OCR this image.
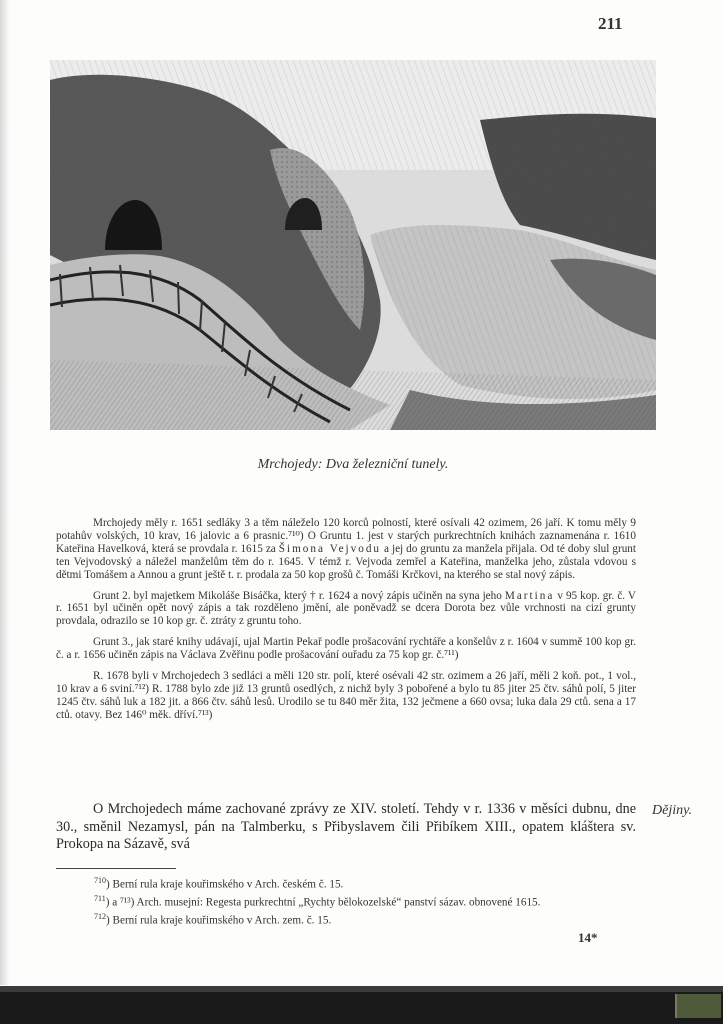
211
Mrchojedy: Dva železniční tunely.

Mrchojedy měly r. 1651 sedláky 3 a těm náleželo 120 korců polností, které osívali 42 ozimem, 26 jaří. K tomu měly 9 potahův volských, 10 krav, 16 jalovic a 6 prasnic.⁷¹⁰) O Gruntu 1. jest v starých purkrechtních knihách zaznamenána r. 1610 Kateřina Havelková, která se provdala r. 1615 za Šimona Vejvodu a jej do gruntu za manžela přijala. Od té doby slul grunt ten Vejvodovský a náležel manželům těm do r. 1645. V témž r. Vejvoda zemřel a Kateřina, manželka jeho, zůstala vdovou s dětmi Tomášem a Annou a grunt ještě t. r. prodala za 50 kop grošů č. Tomáši Krčkovi, na kterého se stal nový zápis.

Grunt 2. byl majetkem Mikoláše Bisáčka, který † r. 1624 a nový zápis učiněn na syna jeho Martina v 95 kop. gr. č. V r. 1651 byl učiněn opět nový zápis a tak rozděleno jmění, ale poněvadž se dcera Dorota bez vůle vrchnosti na cizí grunty provdala, odrazilo se 10 kop gr. č. ztráty z gruntu toho.

Grunt 3., jak staré knihy udávají, ujal Martin Pekař podle prošacování rychtáře a konšelův z r. 1604 v summě 100 kop gr. č. a r. 1656 učiněn zápis na Václava Zvěřinu podle prošacování ouřadu za 75 kop gr. č.⁷¹¹)

R. 1678 byli v Mrchojedech 3 sedláci a měli 120 str. polí, které osévali 42 str. ozimem a 26 jaří, měli 2 koň. pot., 1 vol., 10 krav a 6 sviní.⁷¹²) R. 1788 bylo zde již 13 gruntů osedlých, z nichž byly 3 pobořené a bylo tu 85 jiter 25 čtv. sáhů polí, 5 jiter 1245 čtv. sáhů luk a 182 jit. a 866 čtv. sáhů lesů. Urodilo se tu 840 měr žita, 132 ječmene a 660 ovsa; luka dala 29 ctů. sena a 17 ctů. otavy. Bez 146⁰ měk. dříví.⁷¹³)

O Mrchojedech máme zachované zprávy ze XIV. století. Tehdy v r. 1336 v měsíci dubnu, dne 30., směnil Nezamysl, pán na Talmberku, s Přibyslavem čili Přibíkem XIII., opatem kláštera sv. Prokopa na Sázavě, svá

Dějiny.
$^{710}$) Berní rula kraje kouřimského v Arch. českém č. 15.
$^{711}$) a ⁷¹³) Arch. musejní: Regesta purkrechtní „Rychty bělokozelské“ panství sázav. obnovené 1615.
$^{712}$) Berní rula kraje kouřimského v Arch. zem. č. 15.
14*
